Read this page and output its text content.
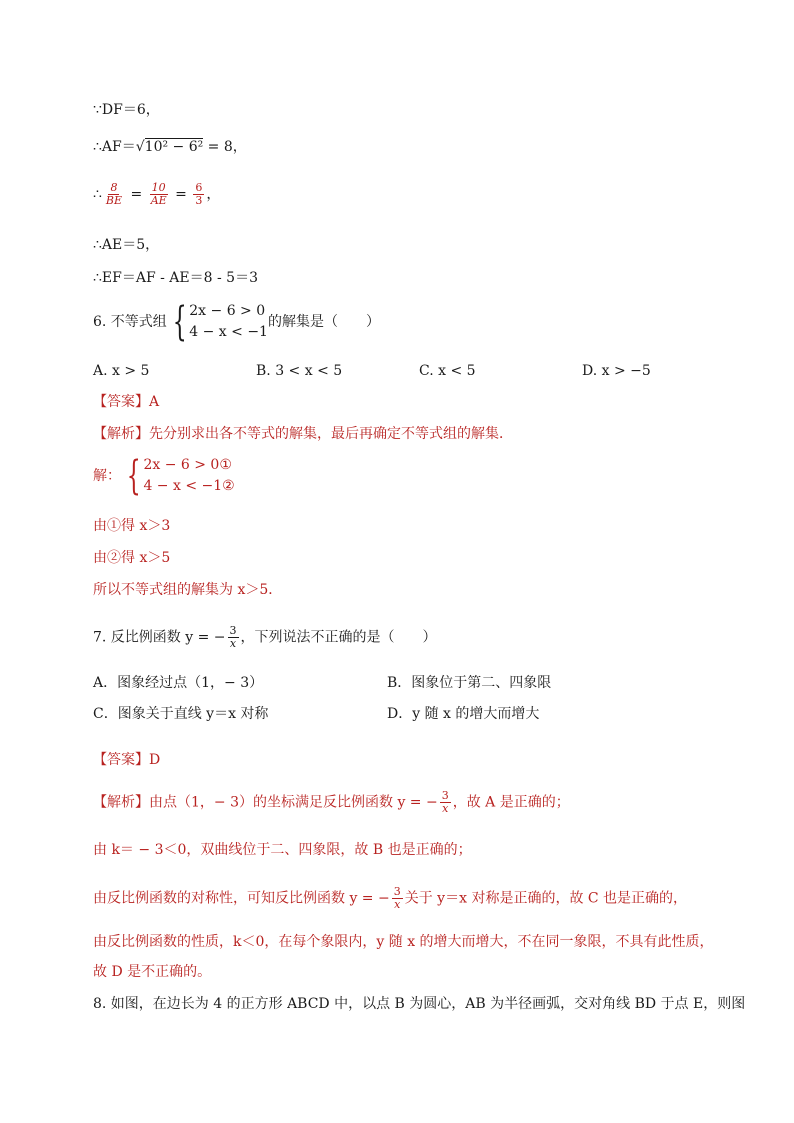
∵DF＝6，
∴AF＝√10² − 6² = 8，
∴ $\frac{8}{BE} = \frac{10}{AE} = \frac{6}{3}$ ，
∴AE＝5，
∴EF＝AF - AE＝8 - 5＝3
6. 不等式组 { 2x − 6 > 0
4 − x < −1
的解集是（　　）
A. x > 5	B. 3 < x < 5	C. x < 5	D. x > −5
【答案】A
【解析】先分别求出各不等式的解集，最后再确定不等式组的解集．
解： { 2x − 6 > 0①
4 − x < −1②
由①得 x＞3
由②得 x＞5
所以不等式组的解集为 x＞5．
7. 反比例函数 y = − $\frac{3}{x}$ ，下列说法不正确的是（　　）
A．图象经过点（1，− 3）	B．图象位于第二、四象限
C．图象关于直线 y＝x 对称	D．y 随 x 的增大而增大
【答案】D
【解析】由点（1，− 3）的坐标满足反比例函数 y = − $\frac{3}{x}$ ，故 A 是正确的；
由 k＝ − 3＜0，双曲线位于二、四象限，故 B 也是正确的；
由反比例函数的对称性，可知反比例函数 y = − $\frac{3}{x}$ 关于 y＝x 对称是正确的，故 C 也是正确的，
由反比例函数的性质，k＜0，在每个象限内，y 随 x 的增大而增大，不在同一象限，不具有此性质，
故 D 是不正确的。
8. 如图，在边长为 4 的正方形 ABCD 中，以点 B 为圆心，AB 为半径画弧，交对角线 BD 于点 E，则图
